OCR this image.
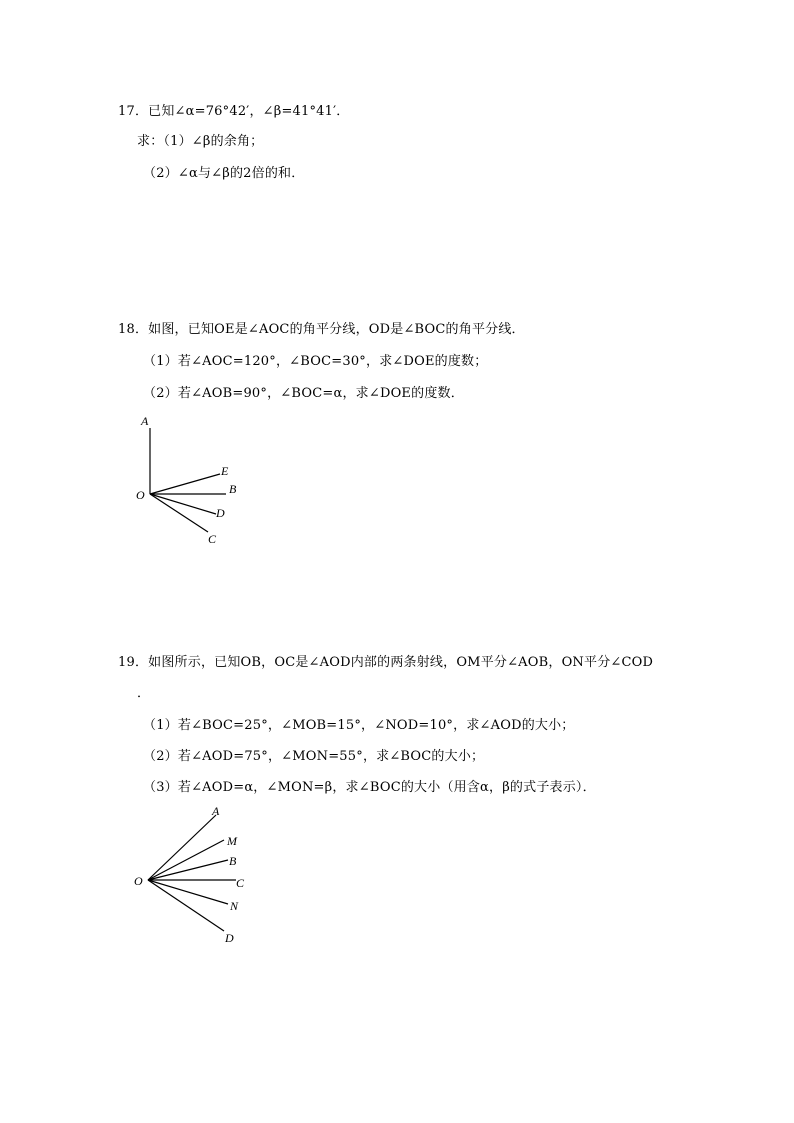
17．已知∠α=76°42′，∠β=41°41′．
求：（1）∠β的余角；
（2）∠α与∠β的2倍的和．
18．如图，已知OE是∠AOC的角平分线，OD是∠BOC的角平分线．
（1）若∠AOC=120°，∠BOC=30°，求∠DOE的度数；
（2）若∠AOB=90°，∠BOC=α，求∠DOE的度数．
A
E
B
O
D
C
19．如图所示，已知OB，OC是∠AOD内部的两条射线，OM平分∠AOB，ON平分∠COD
．
（1）若∠BOC=25°，∠MOB=15°，∠NOD=10°，求∠AOD的大小；
（2）若∠AOD=75°，∠MON=55°，求∠BOC的大小；
（3）若∠AOD=α，∠MON=β，求∠BOC的大小（用含α，β的式子表示）．
A
M
B
O	C
N
D
